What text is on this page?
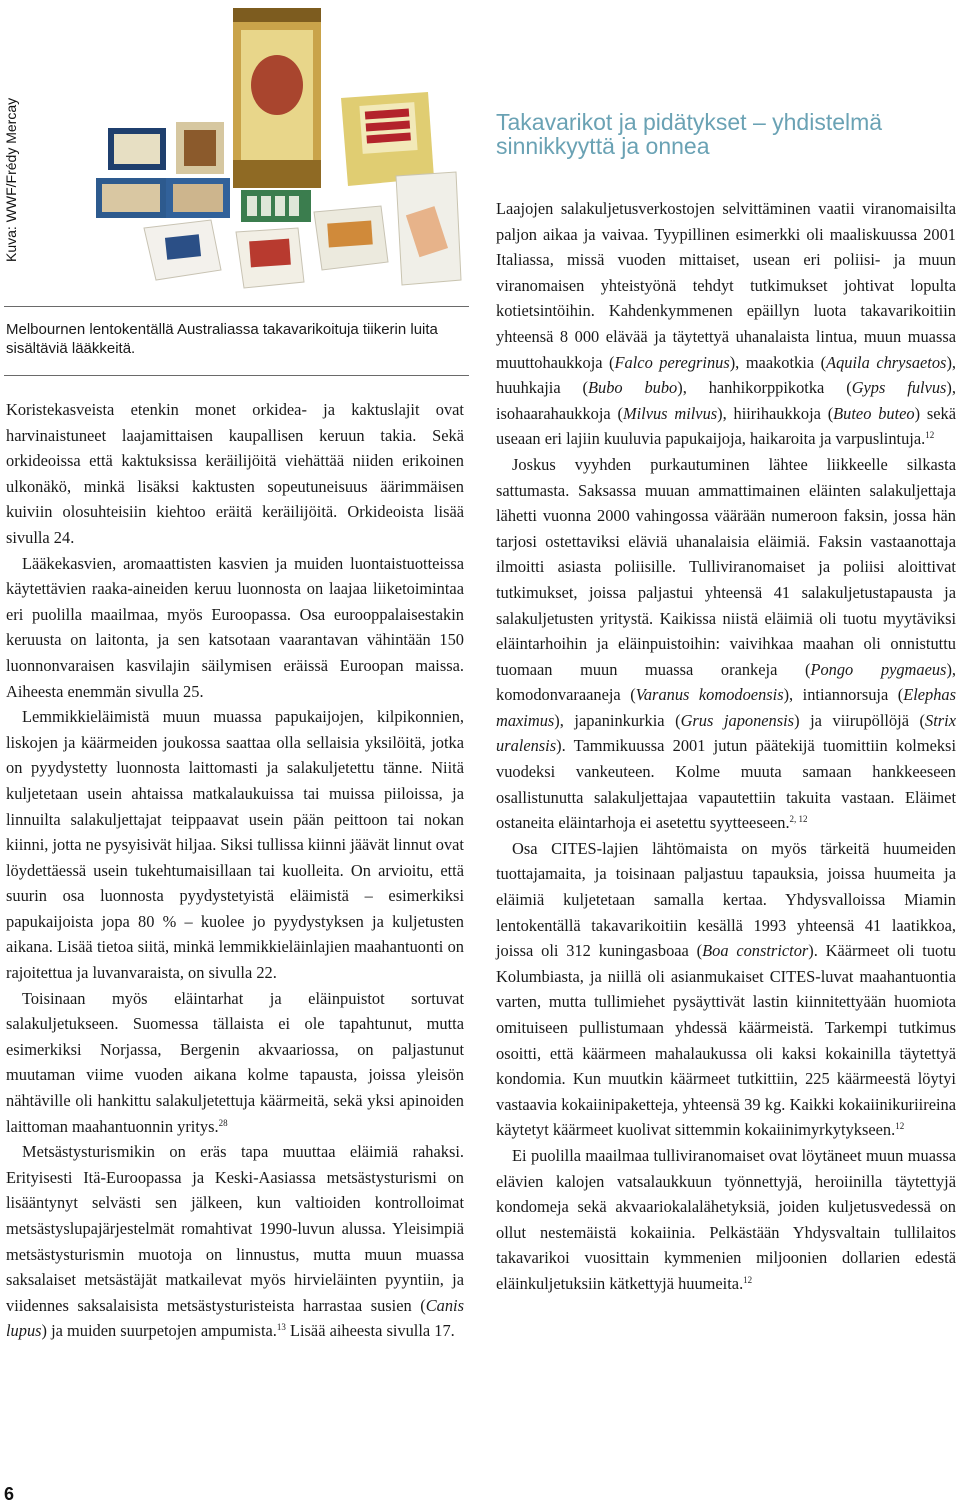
Kuva: WWF/Frédy Mercay
Melbournen lentokentällä Australiassa takavarikoituja tiikerin luita sisältäviä lääkkeitä.
Takavarikot ja pidätykset – yhdistelmä
sinnikkyyttä ja onnea

Koristekasveista etenkin monet orkidea- ja kaktuslajit ovat harvinaistuneet laajamittaisen kaupallisen keruun takia. Sekä orkideoissa että kaktuksissa keräilijöitä viehättää niiden erikoinen ulkonäkö, minkä lisäksi kaktusten sopeutuneisuus äärimmäisen kuiviin olosuhteisiin kiehtoo eräitä keräilijöitä. Orkideoista lisää sivulla 24.

Lääkekasvien, aromaattisten kasvien ja muiden luontaistuotteissa käytettävien raaka-aineiden keruu luonnosta on laajaa liiketoimintaa eri puolilla maailmaa, myös Euroopassa. Osa eurooppalaisestakin keruusta on laitonta, ja sen katsotaan vaarantavan vähintään 150 luonnonvaraisen kasvilajin säilymisen eräissä Euroopan maissa. Aiheesta enemmän sivulla 25.

Lemmikkieläimistä muun muassa papukaijojen, kilpikonnien, liskojen ja käärmeiden joukossa saattaa olla sellaisia yksilöitä, jotka on pyydystetty luonnosta laittomasti ja salakuljetettu tänne. Niitä kuljetetaan usein ahtaissa matkalaukuissa tai muissa piiloissa, ja linnuilta salakuljettajat teippaavat usein pään peittoon tai nokan kiinni, jotta ne pysyisivät hiljaa. Siksi tullissa kiinni jäävät linnut ovat löydettäessä usein tukehtumaisillaan tai kuolleita. On arvioitu, että suurin osa luonnosta pyydystetyistä eläimistä – esimerkiksi papukaijoista jopa 80 % – kuolee jo pyydystyksen ja kuljetusten aikana. Lisää tietoa siitä, minkä lemmikkieläinlajien maahantuonti on rajoitettua ja luvanvaraista, on sivulla 22.

Toisinaan myös eläintarhat ja eläinpuistot sortuvat salakuljetukseen. Suomessa tällaista ei ole tapahtunut, mutta esimerkiksi Norjassa, Bergenin akvaariossa, on paljastunut muutaman viime vuoden aikana kolme tapausta, joissa yleisön nähtäville oli hankittu salakuljetettuja käärmeitä, sekä yksi apinoiden laittoman maahantuonnin yritys.$^{28}$

Metsästysturismikin on eräs tapa muuttaa eläimiä rahaksi. Erityisesti Itä-Euroopassa ja Keski-Aasiassa metsästysturismi on lisääntynyt selvästi sen jälkeen, kun valtioiden kontrolloimat metsästyslupajärjestelmät romahtivat 1990-luvun alussa. Yleisimpiä metsästysturismin muotoja on linnustus, mutta muun muassa saksalaiset metsästäjät matkailevat myös hirvieläinten pyyntiin, ja viidennes saksalaisista metsästysturisteista harrastaa susien (Canis lupus) ja muiden suurpetojen ampumista.$^{13}$ Lisää aiheesta sivulla 17.

Laajojen salakuljetusverkostojen selvittäminen vaatii viranomaisilta paljon aikaa ja vaivaa. Tyypillinen esimerkki oli maaliskuussa 2001 Italiassa, missä vuoden mittaiset, usean eri poliisi- ja muun viranomaisen yhteistyönä tehdyt tutkimukset johtivat lopulta kotietsintöihin. Kahdenkymmenen epäillyn luota takavarikoitiin yhteensä 8 000 elävää ja täytettyä uhanalaista lintua, muun muassa muuttohaukkoja (Falco peregrinus), maakotkia (Aquila chrysaetos), huuhkajia (Bubo bubo), hanhikorppikotka (Gyps fulvus), isohaarahaukkoja (Milvus milvus), hiirihaukkoja (Buteo buteo) sekä useaan eri lajiin kuuluvia papukaijoja, haikaroita ja varpuslintuja.$^{12}$

Joskus vyyhden purkautuminen lähtee liikkeelle silkasta sattumasta. Saksassa muuan ammattimainen eläinten salakuljettaja lähetti vuonna 2000 vahingossa väärään numeroon faksin, jossa hän tarjosi ostettaviksi eläviä uhanalaisia eläimiä. Faksin vastaanottaja ilmoitti asiasta poliisille. Tulliviranomaiset ja poliisi aloittivat tutkimukset, joissa paljastui yhteensä 41 salakuljetustapausta ja salakuljetusten yritystä. Kaikissa niistä eläimiä oli tuotu myytäviksi eläintarhoihin ja eläinpuistoihin: vaivihkaa maahan oli onnistuttu tuomaan muun muassa orankeja (Pongo pygmaeus), komodonvaraaneja (Varanus komodoensis), intiannorsuja (Elephas maximus), japaninkurkia (Grus japonensis) ja viirupöllöjä (Strix uralensis). Tammikuussa 2001 jutun päätekijä tuomittiin kolmeksi vuodeksi vankeuteen. Kolme muuta samaan hankkeeseen osallistunutta salakuljettajaa vapautettiin takuita vastaan. Eläimet ostaneita eläintarhoja ei asetettu syytteeseen.$^{2, 12}$

Osa CITES-lajien lähtömaista on myös tärkeitä huumeiden tuottajamaita, ja toisinaan paljastuu tapauksia, joissa huumeita ja eläimiä kuljetetaan samalla kertaa. Yhdysvalloissa Miamin lentokentällä takavarikoitiin kesällä 1993 yhteensä 41 laatikkoa, joissa oli 312 kuningasboaa (Boa constrictor). Käärmeet oli tuotu Kolumbiasta, ja niillä oli asianmukaiset CITES-luvat maahantuontia varten, mutta tullimiehet pysäyttivät lastin kiinnitettyään huomiota omituiseen pullistumaan yhdessä käärmeistä. Tarkempi tutkimus osoitti, että käärmeen mahalaukussa oli kaksi kokainilla täytettyä kondomia. Kun muutkin käärmeet tutkittiin, 225 käärmeestä löytyi vastaavia kokaiinipaketteja, yhteensä 39 kg. Kaikki kokaiinikuriireina käytetyt käärmeet kuolivat sittemmin kokaiinimyrkytykseen.$^{12}$

Ei puolilla maailmaa tulliviranomaiset ovat löytäneet muun muassa elävien kalojen vatsalaukkuun työnnettyjä, heroiinilla täytettyjä kondomeja sekä akvaariokalalähetyksiä, joiden kuljetusvedessä on ollut nestemäistä kokaiinia. Pelkästään Yhdysvaltain tullilaitos takavarikoi vuosittain kymmenien miljoonien dollarien edestä eläinkuljetuksiin kätkettyjä huumeita.$^{12}$

6
